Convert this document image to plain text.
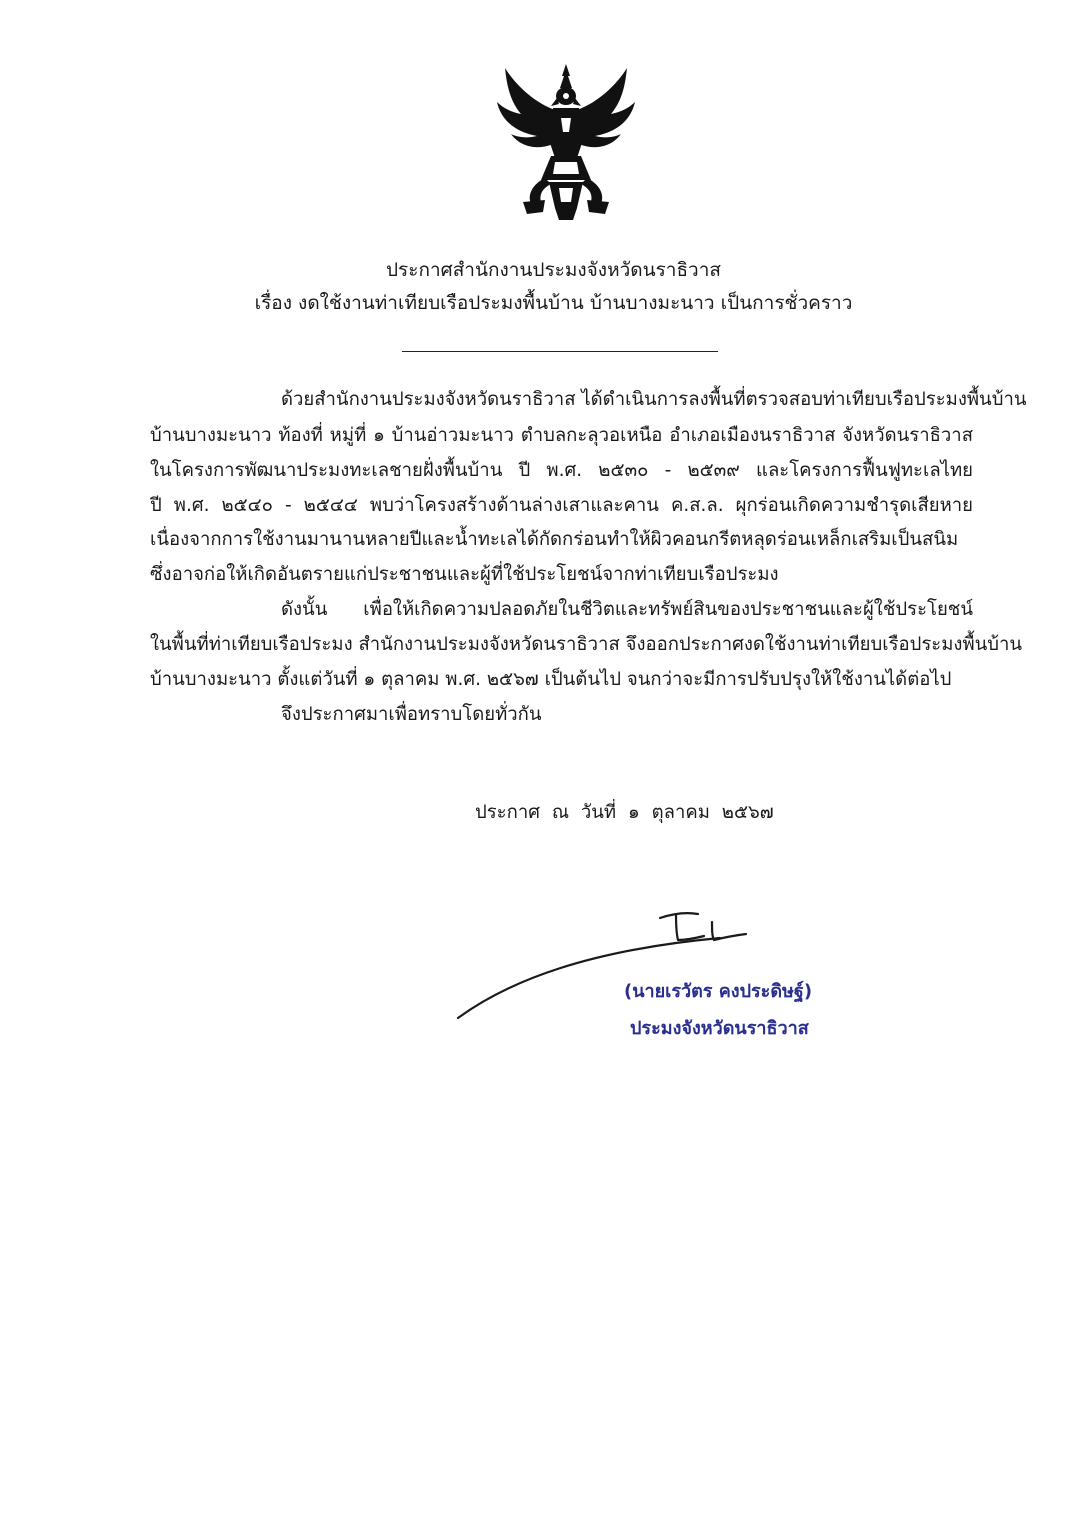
ประกาศสำนักงานประมงจังหวัดนราธิวาส
เรื่อง งดใช้งานท่าเทียบเรือประมงพื้นบ้าน บ้านบางมะนาว เป็นการชั่วคราว
ด้วยสำนักงานประมงจังหวัดนราธิวาส ได้ดำเนินการลงพื้นที่ตรวจสอบท่าเทียบเรือประมงพื้นบ้าน
บ้านบางมะนาว ท้องที่ หมู่ที่ ๑ บ้านอ่าวมะนาว ตำบลกะลุวอเหนือ อำเภอเมืองนราธิวาส จังหวัดนราธิวาส
ในโครงการพัฒนาประมงทะเลชายฝั่งพื้นบ้าน ปี พ.ศ. ๒๕๓๐ - ๒๕๓๙ และโครงการฟื้นฟูทะเลไทย
ปี พ.ศ. ๒๕๔๐ - ๒๕๔๔ พบว่าโครงสร้างด้านล่างเสาและคาน ค.ส.ล. ผุกร่อนเกิดความชำรุดเสียหาย
เนื่องจากการใช้งานมานานหลายปีและน้ำทะเลได้กัดกร่อนทำให้ผิวคอนกรีตหลุดร่อนเหล็กเสริมเป็นสนิม
ซึ่งอาจก่อให้เกิดอันตรายแก่ประชาชนและผู้ที่ใช้ประโยชน์จากท่าเทียบเรือประมง
ดังนั้น เพื่อให้เกิดความปลอดภัยในชีวิตและทรัพย์สินของประชาชนและผู้ใช้ประโยชน์
ในพื้นที่ท่าเทียบเรือประมง สำนักงานประมงจังหวัดนราธิวาส จึงออกประกาศงดใช้งานท่าเทียบเรือประมงพื้นบ้าน
บ้านบางมะนาว ตั้งแต่วันที่ ๑ ตุลาคม พ.ศ. ๒๕๖๗ เป็นต้นไป จนกว่าจะมีการปรับปรุงให้ใช้งานได้ต่อไป
จึงประกาศมาเพื่อทราบโดยทั่วกัน
ประกาศ ณ วันที่ ๑ ตุลาคม ๒๕๖๗
(นายเรวัตร คงประดิษฐ์)
ประมงจังหวัดนราธิวาส
